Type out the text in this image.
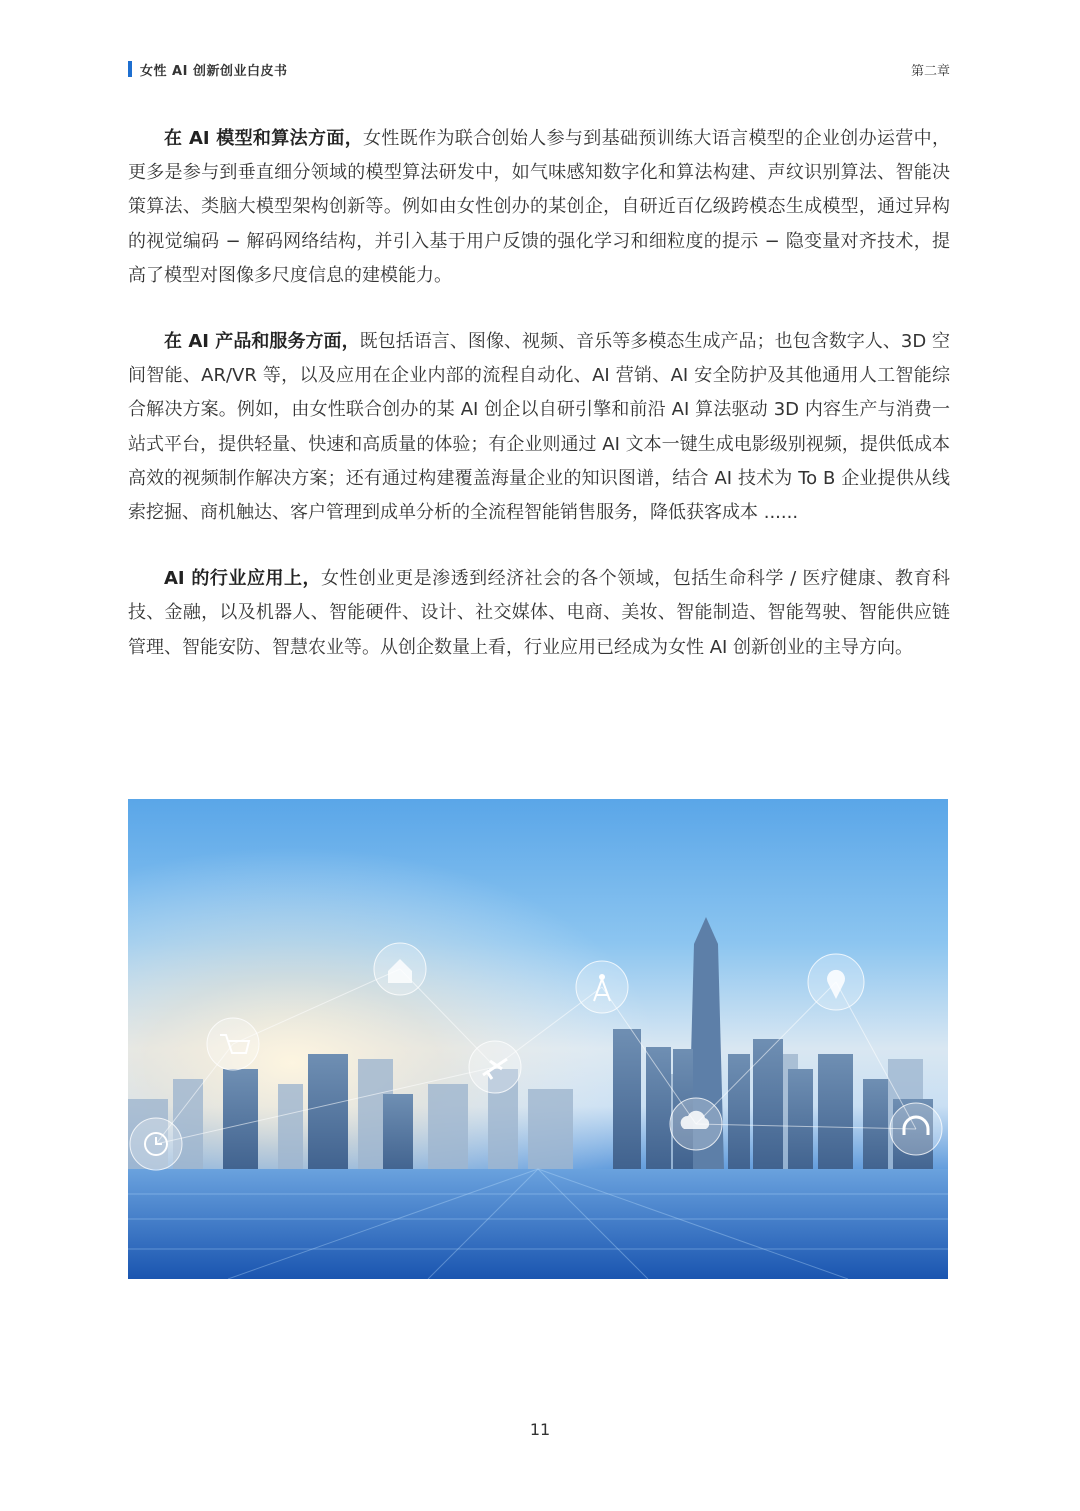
女性 AI 创新创业白皮书	第二章

在 AI 模型和算法方面，女性既作为联合创始人参与到基础预训练大语言模型的企业创办运营中，更多是参与到垂直细分领域的模型算法研发中，如气味感知数字化和算法构建、声纹识别算法、智能决策算法、类脑大模型架构创新等。例如由女性创办的某创企，自研近百亿级跨模态生成模型，通过异构的视觉编码 − 解码网络结构，并引入基于用户反馈的强化学习和细粒度的提示 − 隐变量对齐技术，提高了模型对图像多尺度信息的建模能力。

在 AI 产品和服务方面，既包括语言、图像、视频、音乐等多模态生成产品；也包含数字人、3D 空间智能、AR/VR 等，以及应用在企业内部的流程自动化、AI 营销、AI 安全防护及其他通用人工智能综合解决方案。例如，由女性联合创办的某 AI 创企以自研引擎和前沿 AI 算法驱动 3D 内容生产与消费一站式平台，提供轻量、快速和高质量的体验；有企业则通过 AI 文本一键生成电影级别视频，提供低成本高效的视频制作解决方案；还有通过构建覆盖海量企业的知识图谱，结合 AI 技术为 To B 企业提供从线索挖掘、商机触达、客户管理到成单分析的全流程智能销售服务，降低获客成本 ......

AI 的行业应用上，女性创业更是渗透到经济社会的各个领域，包括生命科学 / 医疗健康、教育科技、金融，以及机器人、智能硬件、设计、社交媒体、电商、美妆、智能制造、智能驾驶、智能供应链管理、智能安防、智慧农业等。从创企数量上看，行业应用已经成为女性 AI 创新创业的主导方向。

11
